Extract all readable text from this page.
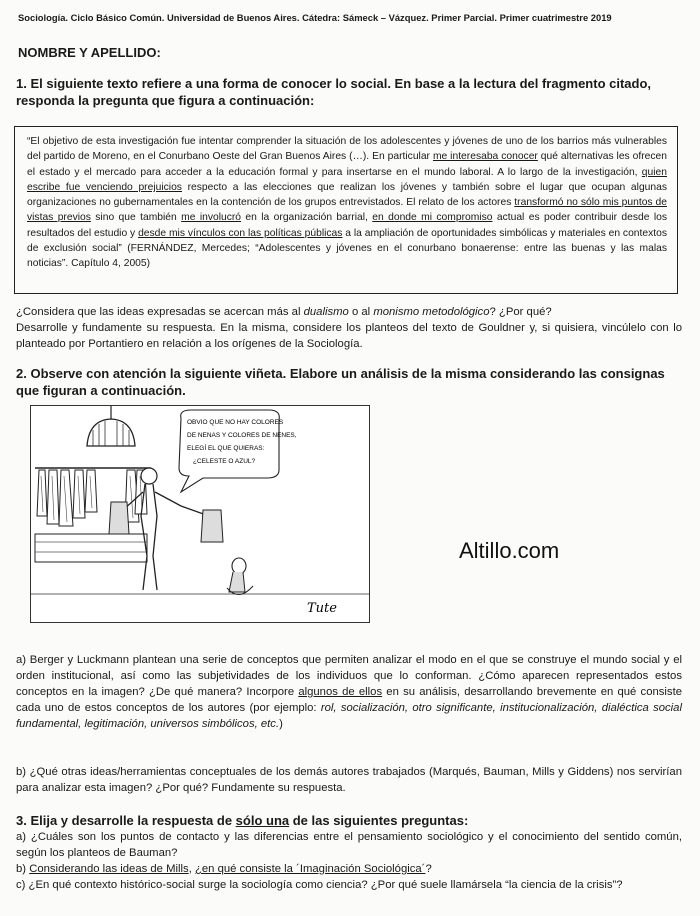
Sociología. Ciclo Básico Común. Universidad de Buenos Aires. Cátedra: Sámeck – Vázquez. Primer Parcial. Primer cuatrimestre 2019
NOMBRE Y APELLIDO:
1. El siguiente texto refiere a una forma de conocer lo social. En base a la lectura del fragmento citado, responda la pregunta que figura a continuación:

“El objetivo de esta investigación fue intentar comprender la situación de los adolescentes y jóvenes de uno de los barrios más vulnerables del partido de Moreno, en el Conurbano Oeste del Gran Buenos Aires (…). En particular me interesaba conocer qué alternativas les ofrecen el estado y el mercado para acceder a la educación formal y para insertarse en el mundo laboral. A lo largo de la investigación, quien escribe fue venciendo prejuicios respecto a las elecciones que realizan los jóvenes y también sobre el lugar que ocupan algunas organizaciones no gubernamentales en la contención de los grupos entrevistados. El relato de los actores transformó no sólo mis puntos de vistas previos sino que también me involucró en la organización barrial, en donde mi compromiso actual es poder contribuir desde los resultados del estudio y desde mis vínculos con las políticas públicas a la ampliación de oportunidades simbólicas y materiales en contextos de exclusión social” (FERNÁNDEZ, Mercedes; “Adolescentes y jóvenes en el conurbano bonaerense: entre las buenas y las malas noticias”. Capítulo 4, 2005)

¿Considera que las ideas expresadas se acercan más al dualismo o al monismo metodológico? ¿Por qué?

Desarrolle y fundamente su respuesta. En la misma, considere los planteos del texto de Gouldner y, si quisiera, vincúlelo con lo planteado por Portantiero en relación a los orígenes de la Sociología.

2. Observe con atención la siguiente viñeta. Elabore un análisis de la misma considerando las consignas que figuran a continuación.
OBVIO QUE NO HAY COLORES
DE NENAS Y COLORES DE NENES,
ELEGÍ EL QUE QUIERAS:
¿CELESTE O AZUL?
Tute
Altillo.com

a) Berger y Luckmann plantean una serie de conceptos que permiten analizar el modo en el que se construye el mundo social y el orden institucional, así como las subjetividades de los individuos que lo conforman. ¿Cómo aparecen representados estos conceptos en la imagen? ¿De qué manera? Incorpore algunos de ellos en su análisis, desarrollando brevemente en qué consiste cada uno de estos conceptos de los autores (por ejemplo: rol, socialización, otro significante, institucionalización, dialéctica social fundamental, legitimación, universos simbólicos, etc.)

b) ¿Qué otras ideas/herramientas conceptuales de los demás autores trabajados (Marqués, Bauman, Mills y Giddens) nos servirían para analizar esta imagen? ¿Por qué? Fundamente su respuesta.

3. Elija y desarrolle la respuesta de sólo una de las siguientes preguntas:

a) ¿Cuáles son los puntos de contacto y las diferencias entre el pensamiento sociológico y el conocimiento del sentido común, según los planteos de Bauman?

b) Considerando las ideas de Mills, ¿en qué consiste la ´Imaginación Sociológica´?

c) ¿En qué contexto histórico-social surge la sociología como ciencia? ¿Por qué suele llamársela “la ciencia de la crisis”?
